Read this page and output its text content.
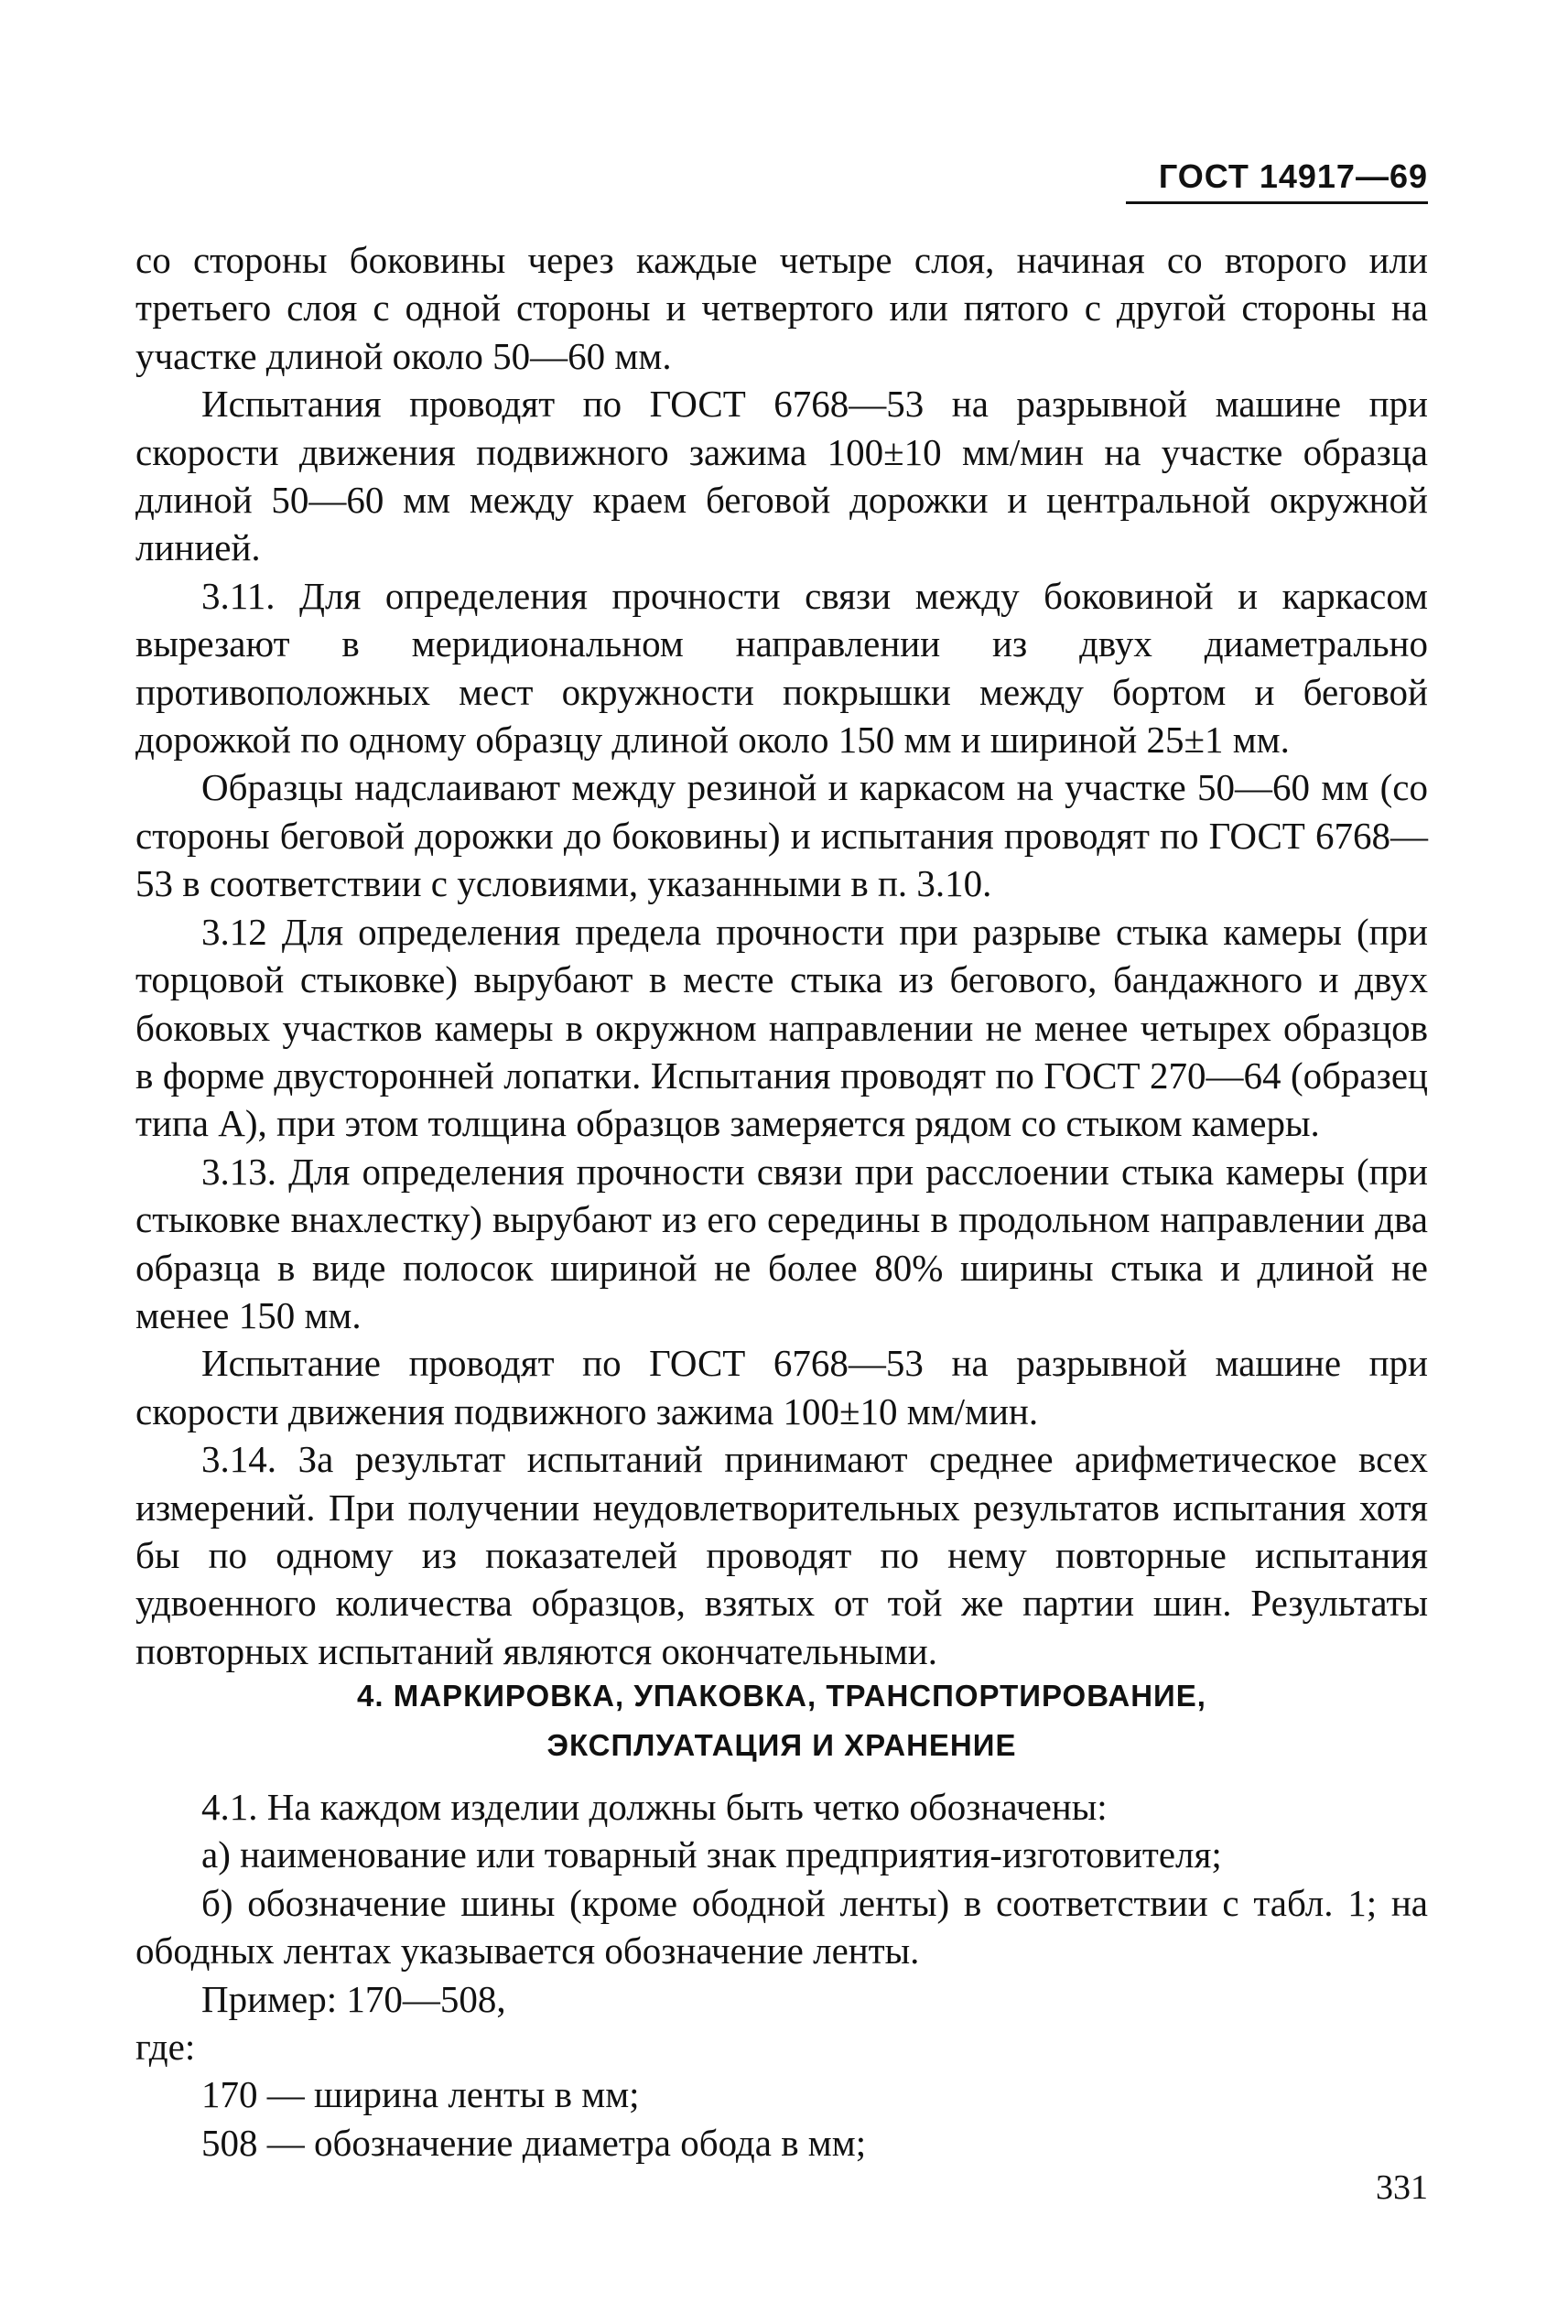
ГОСТ 14917—69

со стороны боковины через каждые четыре слоя, начиная со второго или третьего слоя с одной стороны и четвертого или пятого с другой стороны на участке длиной около 50—60 мм.

Испытания проводят по ГОСТ 6768—53 на разрывной машине при скорости движения подвижного зажима 100±10 мм/мин на участке образца длиной 50—60 мм между краем беговой дорожки и центральной окружной линией.

3.11. Для определения прочности связи между боковиной и каркасом вырезают в меридиональном направлении из двух диаметрально противоположных мест окружности покрышки между бортом и беговой дорожкой по одному образцу длиной около 150 мм и шириной 25±1 мм.

Образцы надслаивают между резиной и каркасом на участке 50—60 мм (со стороны беговой дорожки до боковины) и испытания проводят по ГОСТ 6768—53 в соответствии с условиями, указанными в п. 3.10.

3.12 Для определения предела прочности при разрыве стыка камеры (при торцовой стыковке) вырубают в месте стыка из бегового, бандажного и двух боковых участков камеры в окружном направлении не менее четырех образцов в форме двусторонней лопатки. Испытания проводят по ГОСТ 270—64 (образец типа А), при этом толщина образцов замеряется рядом со стыком камеры.

3.13. Для определения прочности связи при расслоении стыка камеры (при стыковке внахлестку) вырубают из его середины в продольном направлении два образца в виде полосок шириной не более 80% ширины стыка и длиной не менее 150 мм.

Испытание проводят по ГОСТ 6768—53 на разрывной машине при скорости движения подвижного зажима 100±10 мм/мин.

3.14. За результат испытаний принимают среднее арифметическое всех измерений. При получении неудовлетворительных результатов испытания хотя бы по одному из показателей проводят по нему повторные испытания удвоенного количества образцов, взятых от той же партии шин. Результаты повторных испытаний являются окончательными.

4. МАРКИРОВКА, УПАКОВКА, ТРАНСПОРТИРОВАНИЕ,
ЭКСПЛУАТАЦИЯ И ХРАНЕНИЕ

4.1. На каждом изделии должны быть четко обозначены:

а) наименование или товарный знак предприятия-изготовителя;

б) обозначение шины (кроме ободной ленты) в соответствии с табл. 1; на ободных лентах указывается обозначение ленты.

Пример: 170—508,

где:

170 — ширина ленты в мм;

508 — обозначение диаметра обода в мм;

331
